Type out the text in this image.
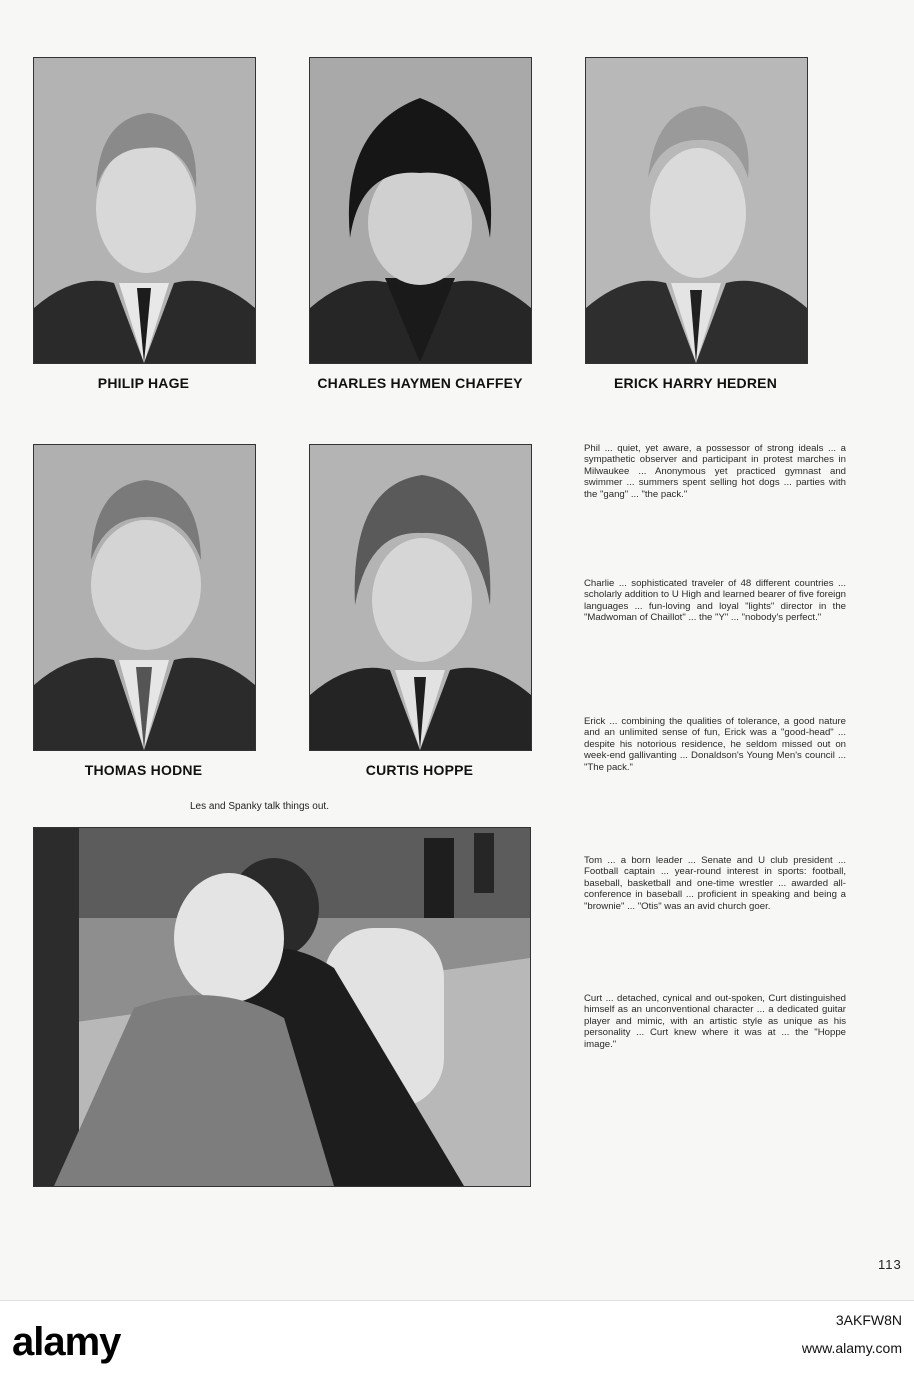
PHILIP HAGE	CHARLES HAYMEN CHAFFEY	ERICK HARRY HEDREN
THOMAS HODNE	CURTIS HOPPE
Les and Spanky talk things out.
Phil ... quiet, yet aware, a possessor of strong ideals ... a sympathetic observer and participant in protest marches in Milwaukee ... Anonymous yet practiced gymnast and swimmer ... summers spent selling hot dogs ... parties with the "gang" ... "the pack."
Charlie ... sophisticated traveler of 48 different countries ... scholarly addition to U High and learned bearer of five foreign languages ... fun-loving and loyal "lights" director in the "Madwoman of Chaillot" ... the "Y" ... "nobody's perfect."
Erick ... combining the qualities of tolerance, a good nature and an unlimited sense of fun, Erick was a "good-head" ... despite his notorious residence, he seldom missed out on week-end gallivanting ... Donaldson's Young Men's council ... "The pack."
Tom ... a born leader ... Senate and U club president ... Football captain ... year-round interest in sports: football, baseball, basketball and one-time wrestler ... awarded all-conference in baseball ... proficient in speaking and being a "brownie" ... "Otis" was an avid church goer.
Curt ... detached, cynical and out-spoken, Curt distinguished himself as an unconventional character ... a dedicated guitar player and mimic, with an artistic style as unique as his personality ... Curt knew where it was at ... the "Hoppe image."
113
alamy	3AKFW8N
www.alamy.com
